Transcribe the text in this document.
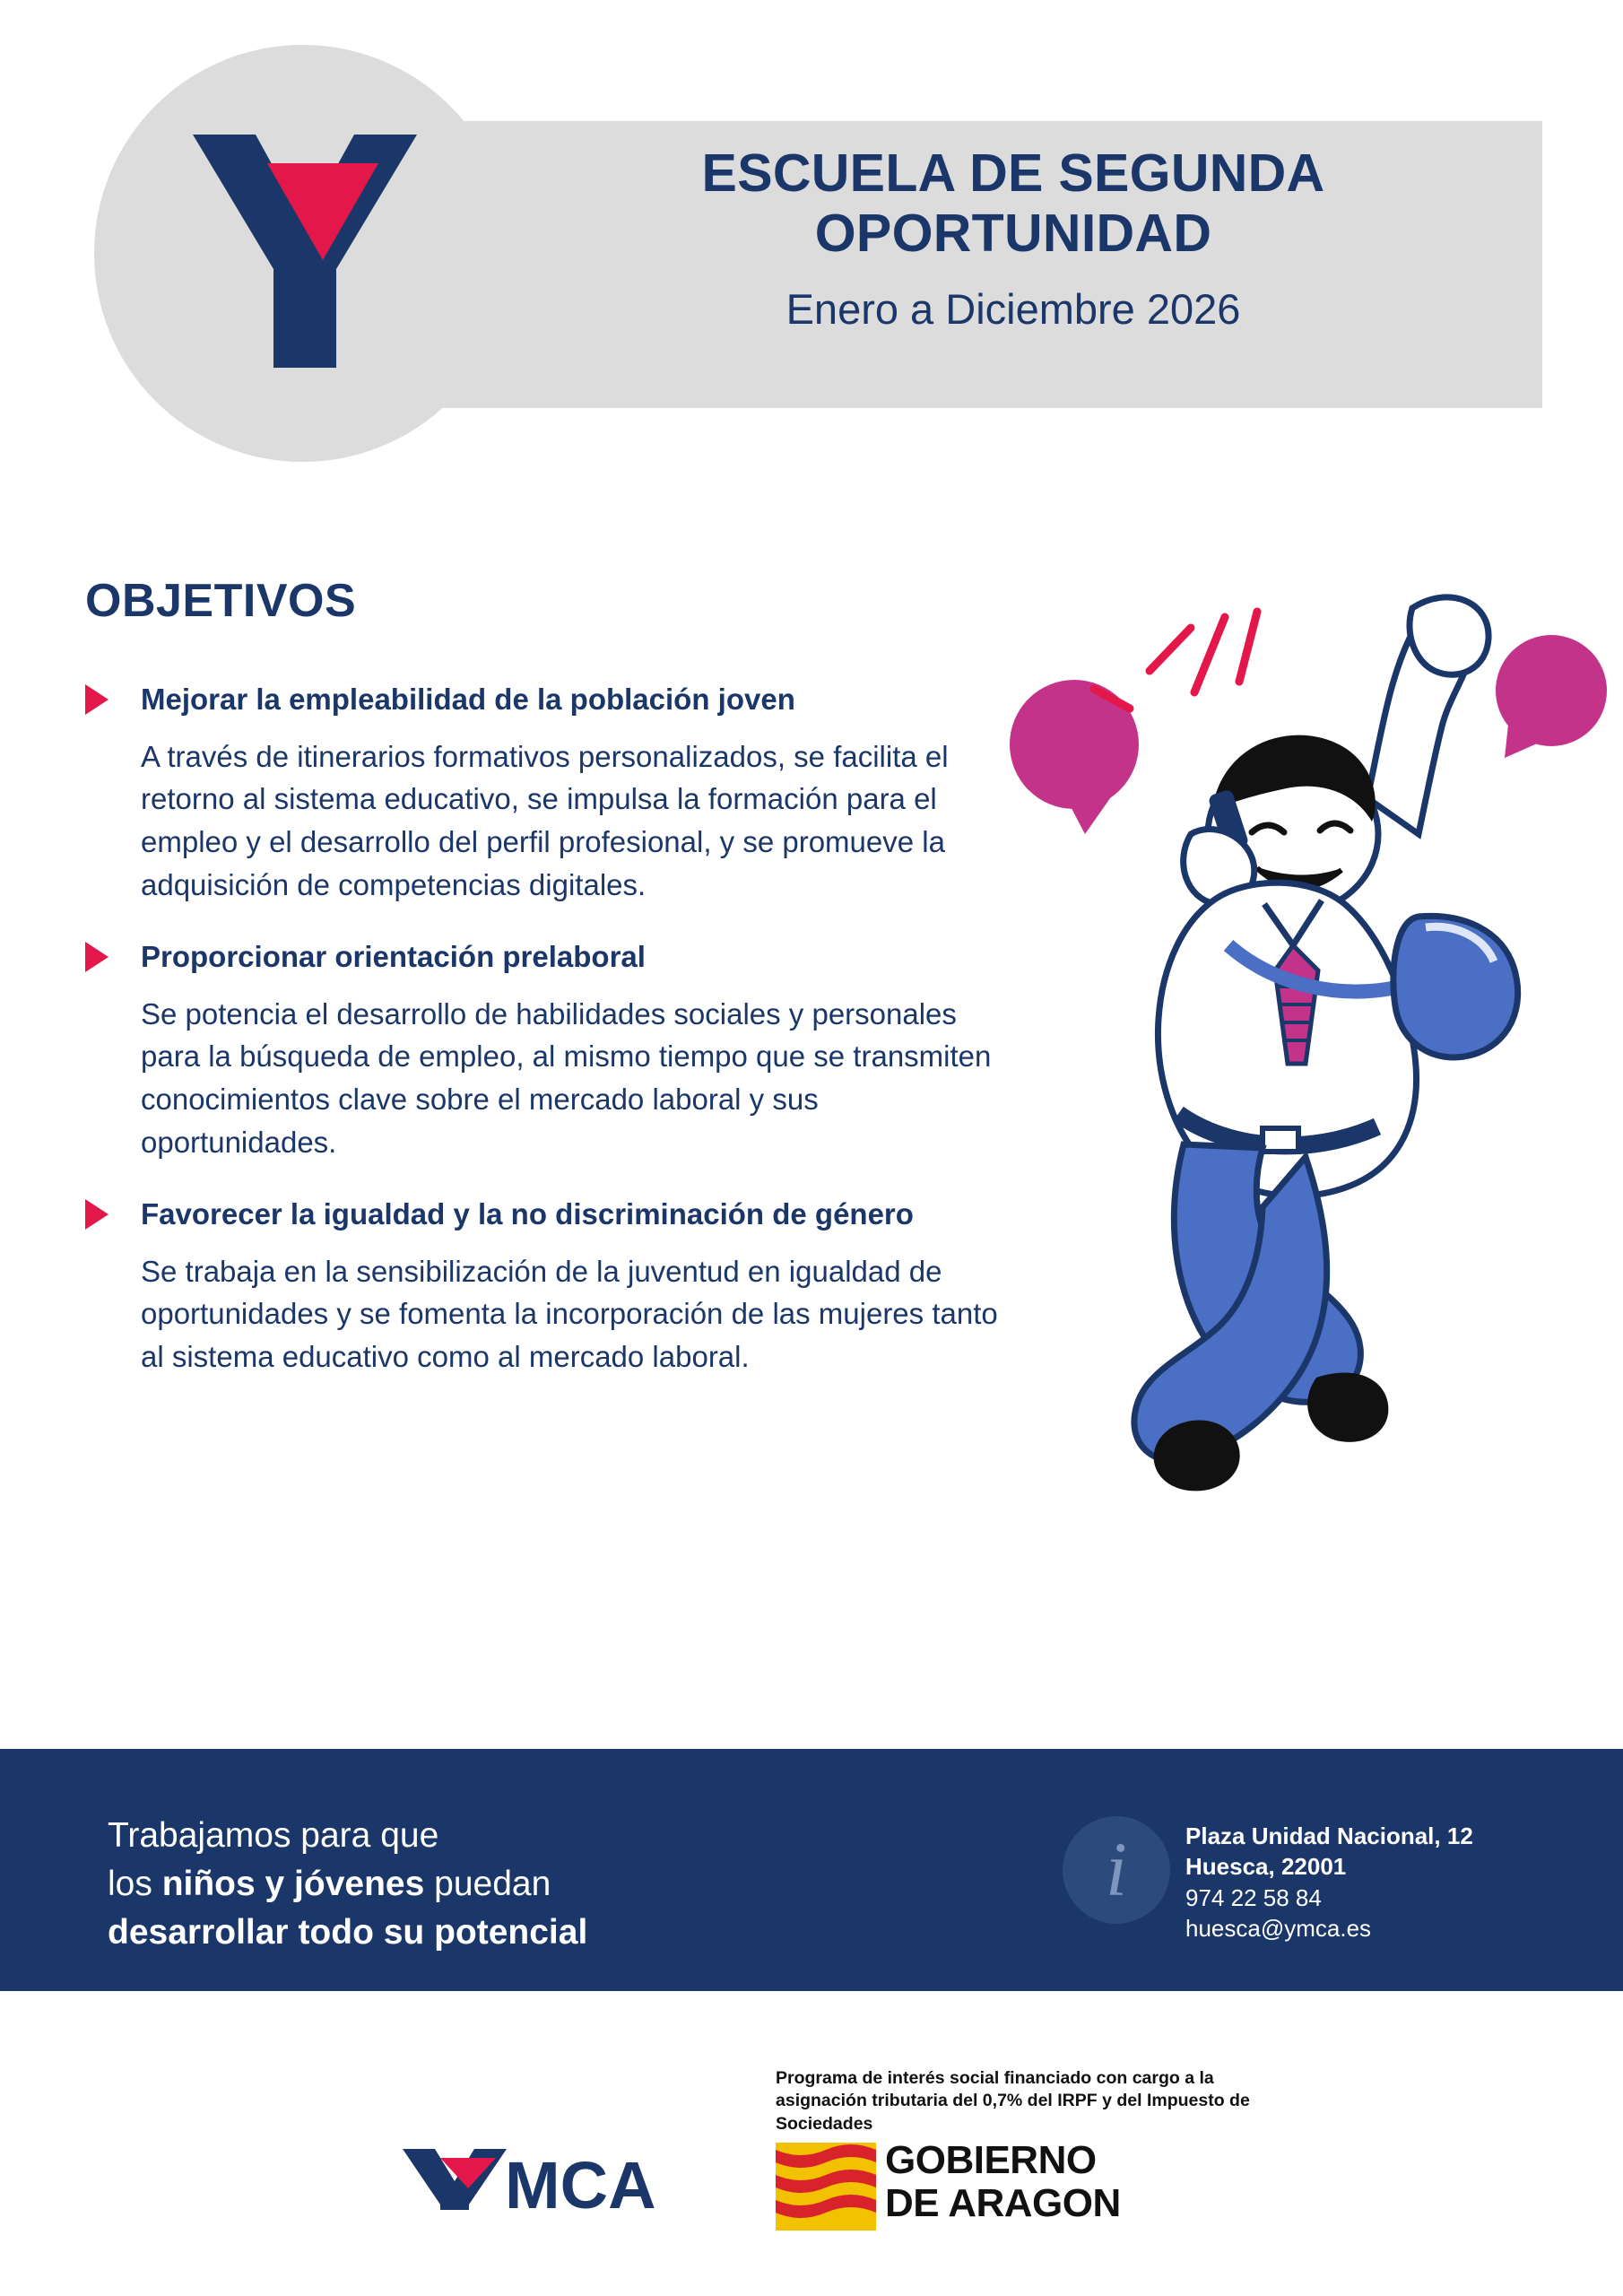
ESCUELA DE SEGUNDA OPORTUNIDAD
Enero a Diciembre 2026
OBJETIVOS
Mejorar la empleabilidad de la población joven
A través de itinerarios formativos personalizados, se facilita el retorno al sistema educativo, se impulsa la formación para el empleo y el desarrollo del perfil profesional, y se promueve la adquisición de competencias digitales.
Proporcionar orientación prelaboral
Se potencia el desarrollo de habilidades sociales y personales para la búsqueda de empleo, al mismo tiempo que se transmiten conocimientos clave sobre el mercado laboral y sus oportunidades.
Favorecer la igualdad y la no discriminación de género
Se trabaja en la sensibilización de la juventud en igualdad de oportunidades y se fomenta la incorporación de las mujeres tanto al sistema educativo como al mercado laboral.
Trabajamos para que
los niños y jóvenes puedan
desarrollar todo su potencial
i	Plaza Unidad Nacional, 12
Huesca, 22001
974 22 58 84
huesca@ymca.es
MCA
Programa de interés social financiado con cargo a la asignación tributaria del 0,7% del IRPF y del Impuesto de Sociedades
GOBIERNO
DE ARAGON
